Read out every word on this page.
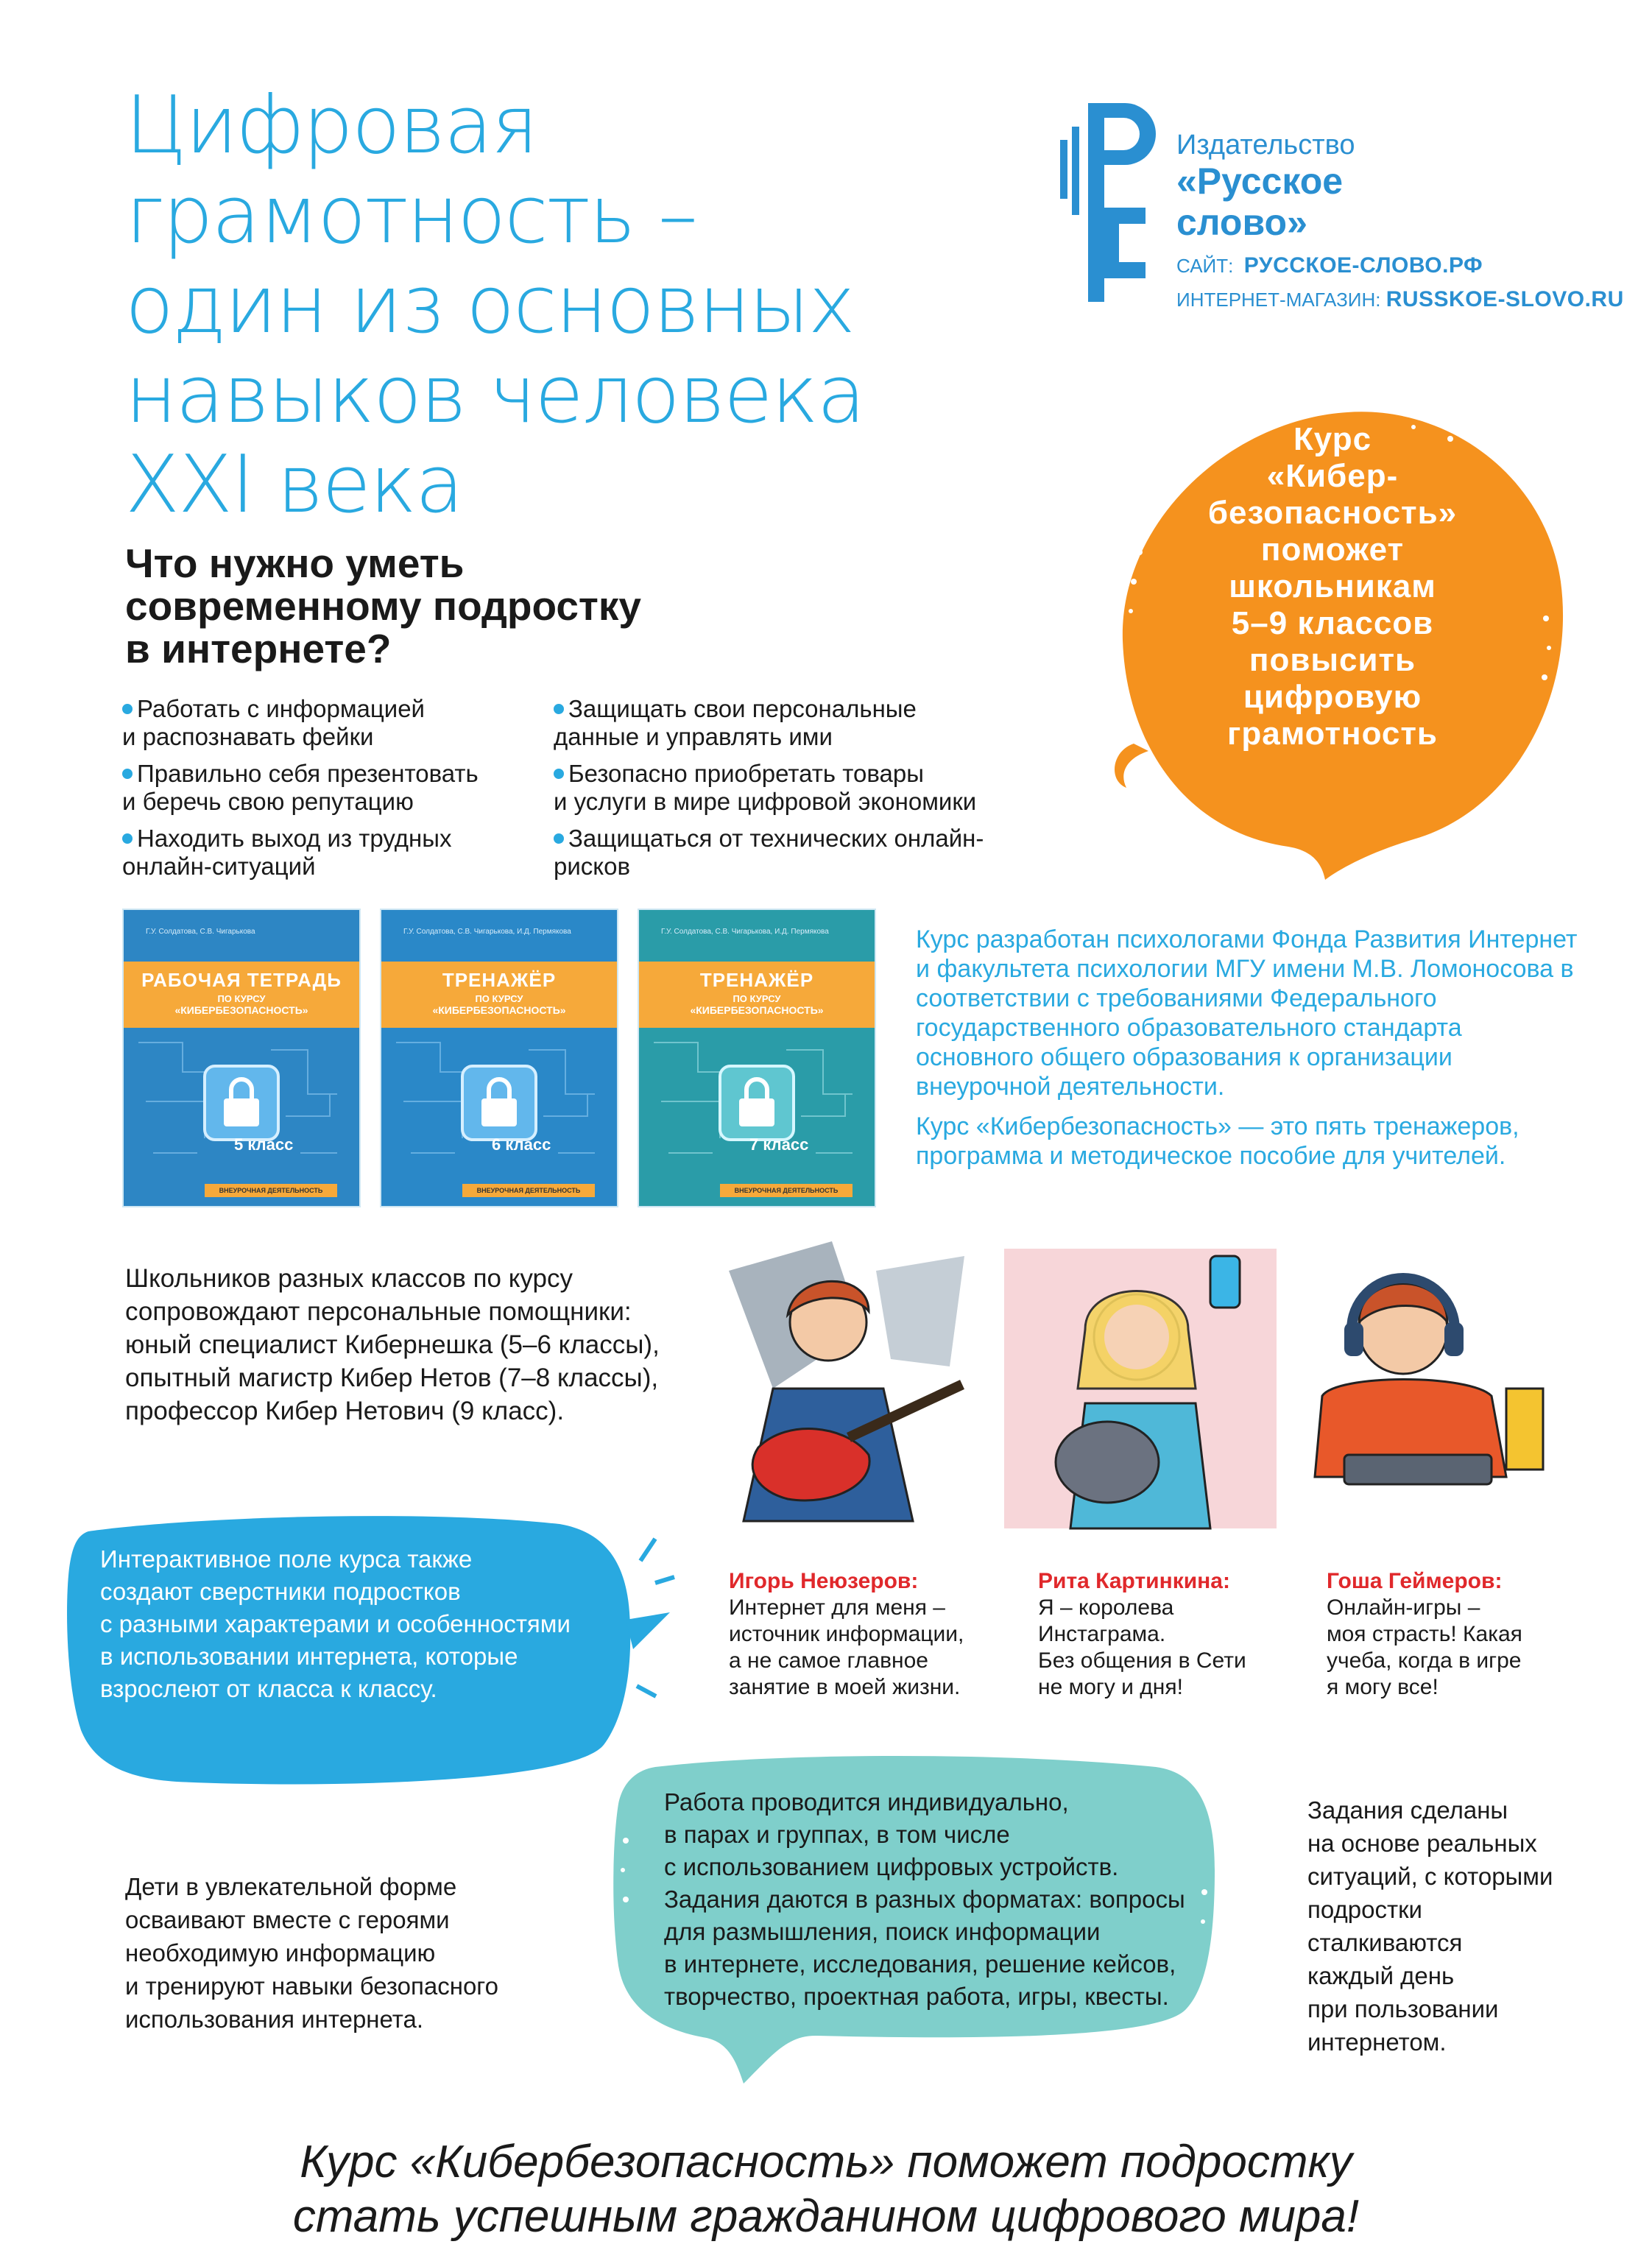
Цифровая
грамотность –
один из основных
навыков человека
XXI века
Издательство
«Русское
слово»
САЙТ: РУССКОЕ-СЛОВО.РФ
ИНТЕРНЕТ-МАГАЗИН: RUSSKOE-SLOVO.RU
Курс
«Кибер-
безопасность»
поможет
школьникам
5–9 классов
повысить
цифровую
грамотность
Что нужно уметь
современному подростку
в интернете?
Работать с информацией
и распознавать фейки
Правильно себя презентовать
и беречь свою репутацию
Находить выход из трудных
онлайн-ситуаций
Защищать свои персональные
данные и управлять ими
Безопасно приобретать товары
и услуги в мире цифровой экономики
Защищаться от технических онлайн-
рисков
Г.У. Солдатова, С.В. Чигарькова
РАБОЧАЯ ТЕТРАДЬ
ПО КУРСУ
«КИБЕРБЕЗОПАСНОСТЬ»
5 класс
ВНЕУРОЧНАЯ ДЕЯТЕЛЬНОСТЬ
Г.У. Солдатова, С.В. Чигарькова, И.Д. Пермякова
ТРЕНАЖЁР
ПО КУРСУ
«КИБЕРБЕЗОПАСНОСТЬ»
6 класс
ВНЕУРОЧНАЯ ДЕЯТЕЛЬНОСТЬ
Г.У. Солдатова, С.В. Чигарькова, И.Д. Пермякова
ТРЕНАЖЁР
ПО КУРСУ
«КИБЕРБЕЗОПАСНОСТЬ»
7 класс
ВНЕУРОЧНАЯ ДЕЯТЕЛЬНОСТЬ

Курс разработан психологами Фонда Развития Интернет и факультета психологии МГУ имени М.В. Ломоносова в соответствии с требованиями Федерального государственного образовательного стандарта основного общего образования к организации внеурочной деятельности.

Курс «Кибербезопасность» — это пять тренажеров, программа и методическое пособие для учителей.

Школьников разных классов по курсу
сопровождают персональные помощники:
юный специалист Кибернешка (5–6 классы),
опытный магистр Кибер Нетов (7–8 классы),
профессор Кибер Нетович (9 класс).
Интерактивное поле курса также
создают сверстники подростков
с разными характерами и особенностями
в использовании интернета, которые
взрослеют от класса к классу.
Игорь Неюзеров:
Интернет для меня –
источник информации,
а не самое главное
занятие в моей жизни.
Рита Картинкина:
Я – королева
Инстаграма.
Без общения в Сети
не могу и дня!
Гоша Геймеров:
Онлайн-игры –
моя страсть! Какая
учеба, когда в игре
я могу все!
Работа проводится индивидуально,
в парах и группах, в том числе
с использованием цифровых устройств.
Задания даются в разных форматах: вопросы
для размышления, поиск информации
в интернете, исследования, решение кейсов,
творчество, проектная работа, игры, квесты.
Дети в увлекательной форме
осваивают вместе с героями
необходимую информацию
и тренируют навыки безопасного
использования интернета.
Задания сделаны
на основе реальных
ситуаций, с которыми
подростки
сталкиваются
каждый день
при пользовании
интернетом.
Курс «Кибербезопасность» поможет подростку
стать успешным гражданином цифрового мира!
